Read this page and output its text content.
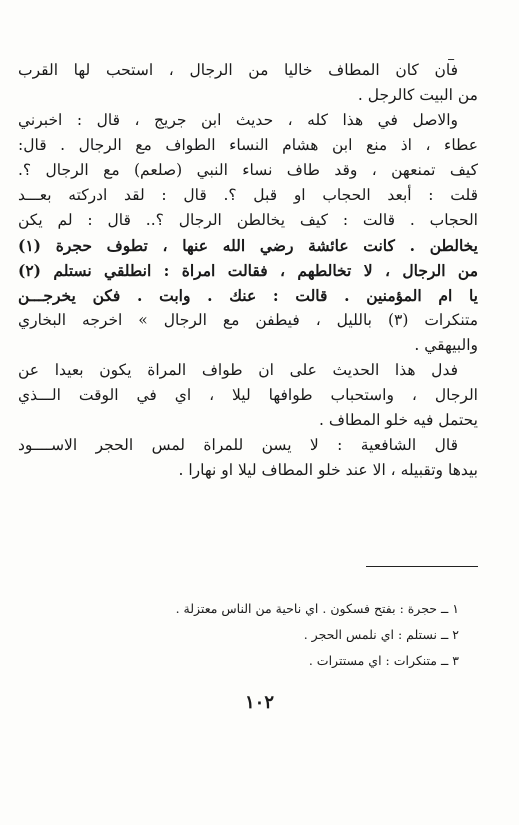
ــ
فان كان المطاف خاليا من الرجال ، استحب لها القرب
من البيت كالرجل .
والاصل في هذا كله ، حديث ابن جريج ، قال : اخبرني
عطاء ، اذ منع ابن هشام النساء الطواف مع الرجال . قال:
كيف تمنعهن ، وقد طاف نساء النبي (صلعم) مع الرجال ؟.
قلت : أبعد الحجاب او قبل ؟. قال : لقد ادركته بعـــد
الحجاب . قالت : كيف يخالطن الرجال ؟.. قال : لم يكن
يخالطن . كانت عائشة رضي الله عنها ، تطوف حجرة (١)
من الرجال ، لا تخالطهم ، فقالت امراة : انطلقي نستلم (٢)
يا ام المؤمنين . قالت : عنك . وابت . فكن يخرجـــن
متنكرات (٣) بالليل ، فيطفن مع الرجال » اخرجه البخاري
والبيهقي .
فدل هذا الحديث على ان طواف المراة يكون بعيدا عن
الرجال ، واستحباب طوافها ليلا ، اي في الوقت الـــذي
يحتمل فيه خلو المطاف .
قال الشافعية : لا يسن للمراة لمس الحجر الاســــود
بيدها وتقبيله ، الا عند خلو المطاف ليلا او نهارا .
١ ــ حجرة : بفتح فسكون . اي ناحية من الناس معتزلة .
٢ ــ نستلم : اي نلمس الحجر .
٣ ــ متنكرات : اي مستترات .
١٠٢
